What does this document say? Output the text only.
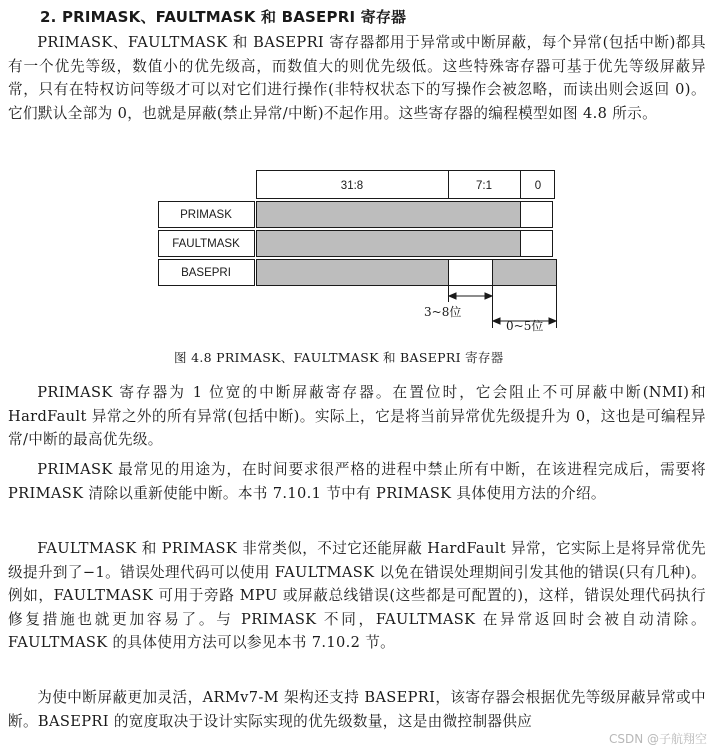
2. PRIMASK、FAULTMASK 和 BASEPRI 寄存器

PRIMASK、FAULTMASK 和 BASEPRI 寄存器都用于异常或中断屏蔽，每个异常(包括中断)都具有一个优先等级，数值小的优先级高，而数值大的则优先级低。这些特殊寄存器可基于优先等级屏蔽异常，只有在特权访问等级才可以对它们进行操作(非特权状态下的写操作会被忽略，而读出则会返回 0)。它们默认全部为 0，也就是屏蔽(禁止异常/中断)不起作用。这些寄存器的编程模型如图 4.8 所示。

31:8	7:1	0
PRIMASK
FAULTMASK
BASEPRI
3~8位
0~5位
图 4.8 PRIMASK、FAULTMASK 和 BASEPRI 寄存器

PRIMASK 寄存器为 1 位宽的中断屏蔽寄存器。在置位时，它会阻止不可屏蔽中断(NMI)和 HardFault 异常之外的所有异常(包括中断)。实际上，它是将当前异常优先级提升为 0，这也是可编程异常/中断的最高优先级。

PRIMASK 最常见的用途为，在时间要求很严格的进程中禁止所有中断，在该进程完成后，需要将 PRIMASK 清除以重新使能中断。本书 7.10.1 节中有 PRIMASK 具体使用方法的介绍。

FAULTMASK 和 PRIMASK 非常类似，不过它还能屏蔽 HardFault 异常，它实际上是将异常优先级提升到了−1。错误处理代码可以使用 FAULTMASK 以免在错误处理期间引发其他的错误(只有几种)。例如，FAULTMASK 可用于旁路 MPU 或屏蔽总线错误(这些都是可配置的)，这样，错误处理代码执行修复措施也就更加容易了。与 PRIMASK 不同，FAULTMASK 在异常返回时会被自动清除。FAULTMASK 的具体使用方法可以参见本书 7.10.2 节。

为使中断屏蔽更加灵活，ARMv7-M 架构还支持 BASEPRI，该寄存器会根据优先等级屏蔽异常或中断。BASEPRI 的宽度取决于设计实际实现的优先级数量，这是由微控制器供应

CSDN @子航翔空
